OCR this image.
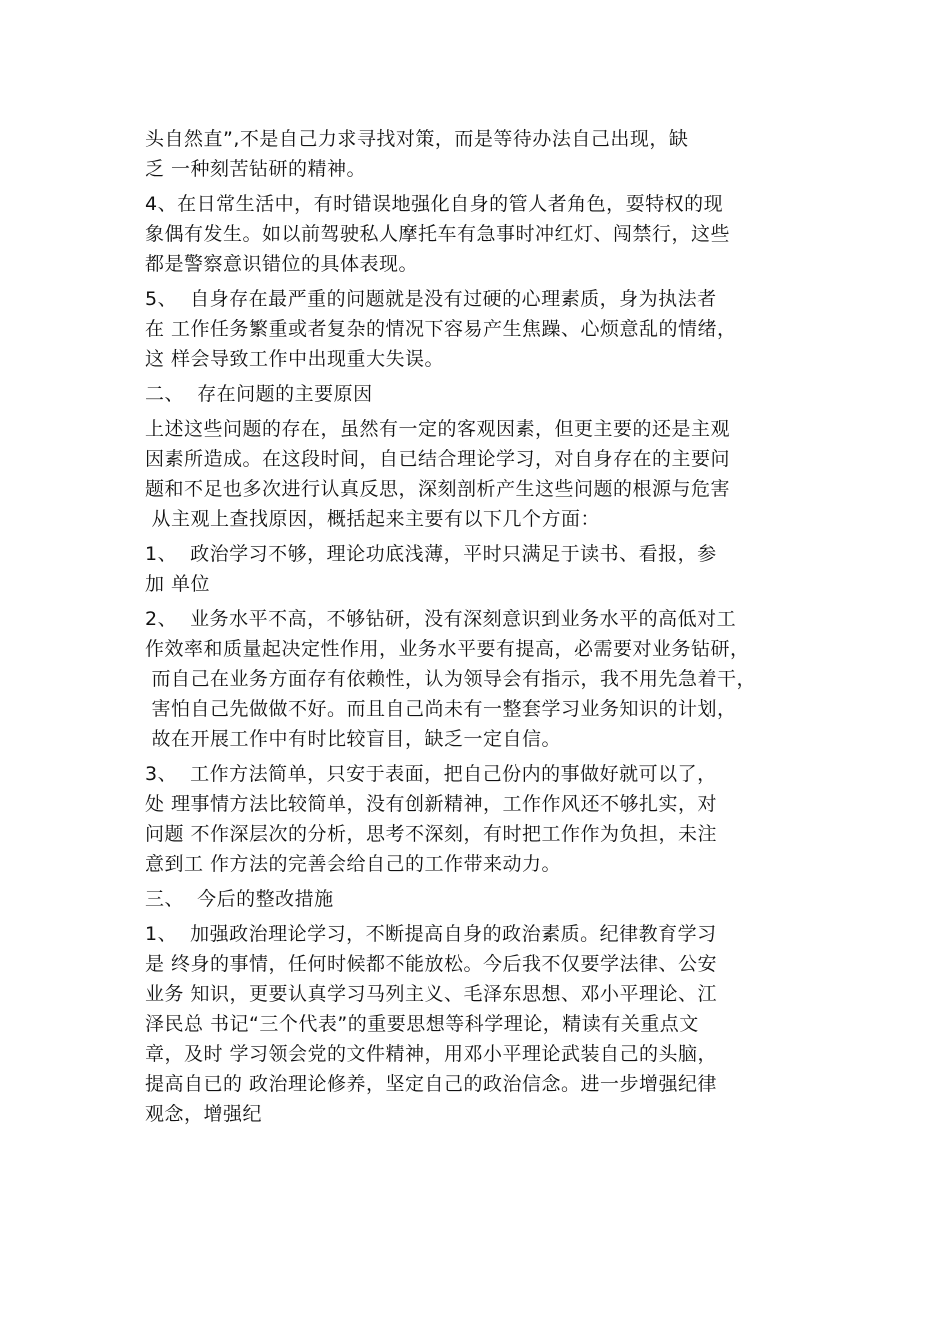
头自然直”,不是自己力求寻找对策，而是等待办法自己出现，缺
乏 一种刻苦钻研的精神。
4、在日常生活中，有时错误地强化自身的管人者角色，耍特权的现
象偶有发生。如以前驾驶私人摩托车有急事时冲红灯、闯禁行，这些
都是警察意识错位的具体表现。
5、  自身存在最严重的问题就是没有过硬的心理素质，身为执法者
在 工作任务繁重或者复杂的情况下容易产生焦躁、心烦意乱的情绪，
这 样会导致工作中出现重大失误。
二、  存在问题的主要原因
上述这些问题的存在，虽然有一定的客观因素，但更主要的还是主观
因素所造成。在这段时间，自已结合理论学习，对自身存在的主要问
题和不足也多次进行认真反思，深刻剖析产生这些问题的根源与危害
从主观上查找原因，概括起来主要有以下几个方面：
1、  政治学习不够，理论功底浅薄，平时只满足于读书、看报，参
加 单位
2、  业务水平不高，不够钻研，没有深刻意识到业务水平的高低对工
作效率和质量起决定性作用，业务水平要有提高，必需要对业务钻研，
而自己在业务方面存有依赖性，认为领导会有指示，我不用先急着干，
害怕自己先做做不好。而且自己尚未有一整套学习业务知识的计划，
故在开展工作中有时比较盲目，缺乏一定自信。
3、  工作方法简单，只安于表面，把自己份内的事做好就可以了，
处 理事情方法比较简单，没有创新精神，工作作风还不够扎实，对
问题 不作深层次的分析，思考不深刻，有时把工作作为负担，未注
意到工 作方法的完善会给自己的工作带来动力。
三、  今后的整改措施
1、  加强政治理论学习，不断提高自身的政治素质。纪律教育学习
是 终身的事情，任何时候都不能放松。今后我不仅要学法律、公安
业务 知识，更要认真学习马列主义、毛泽东思想、邓小平理论、江
泽民总 书记“三个代表”的重要思想等科学理论，精读有关重点文
章，及时 学习领会党的文件精神，用邓小平理论武装自己的头脑，
提高自已的 政治理论修养，坚定自己的政治信念。进一步增强纪律
观念，增强纪
